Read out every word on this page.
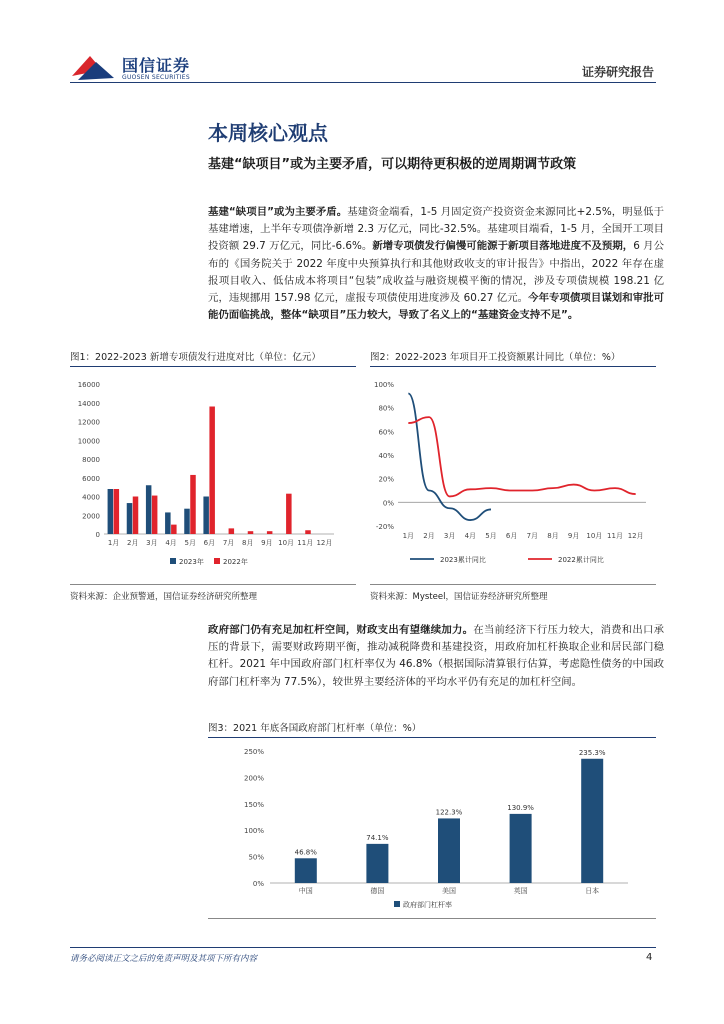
国信证券
GUOSEN SECURITIES	证券研究报告
本周核心观点
基建“缺项目”或为主要矛盾，可以期待更积极的逆周期调节政策
基建“缺项目”或为主要矛盾。基建资金端看，1-5 月固定资产投资资金来源同比+2.5%，明显低于基建增速，上半年专项债净新增 2.3 万亿元，同比-32.5%。基建项目端看，1-5 月，全国开工项目投资额 29.7 万亿元，同比-6.6%。新增专项债发行偏慢可能源于新项目落地进度不及预期，6 月公布的《国务院关于 2022 年度中央预算执行和其他财政收支的审计报告》中指出，2022 年存在虚报项目收入、低估成本将项目“包装”成收益与融资规模平衡的情况，涉及专项债规模 198.21 亿元，违规挪用 157.98 亿元，虚报专项债使用进度涉及 60.27 亿元。今年专项债项目谋划和审批可能仍面临挑战，整体“缺项目”压力较大，导致了名义上的“基建资金支持不足”。
图1：2022-2023 新增专项债发行进度对比（单位：亿元）	图2：2022-2023 年项目开工投资额累计同比（单位：%）
0
2000
4000
6000
8000
10000
12000
14000
16000
1月 2月 3月 4月 5月 6月 7月 8月 9月 10月 11月 12月
2023年	2022年
-20%
0%
20%
40%
60%
80%
100%
1月 2月 3月 4月 5月 6月 7月 8月 9月 10月 11月 12月
2023累计同比	2022累计同比
资料来源：企业预警通，国信证券经济研究所整理	资料来源：Mysteel，国信证券经济研究所整理
政府部门仍有充足加杠杆空间，财政支出有望继续加力。在当前经济下行压力较大，消费和出口承压的背景下，需要财政跨期平衡，推动减税降费和基建投资，用政府加杠杆换取企业和居民部门稳杠杆。2021 年中国政府部门杠杆率仅为 46.8%（根据国际清算银行估算，考虑隐性债务的中国政府部门杠杆率为 77.5%），较世界主要经济体的平均水平仍有充足的加杠杆空间。
图3：2021 年底各国政府部门杠杆率（单位：%）
0%
50%
100%
150%
200%
250%
46.8%
中国
74.1%
德国
122.3%
美国
130.9%
英国
235.3%
日本
政府部门杠杆率
请务必阅读正文之后的免责声明及其项下所有内容	4
